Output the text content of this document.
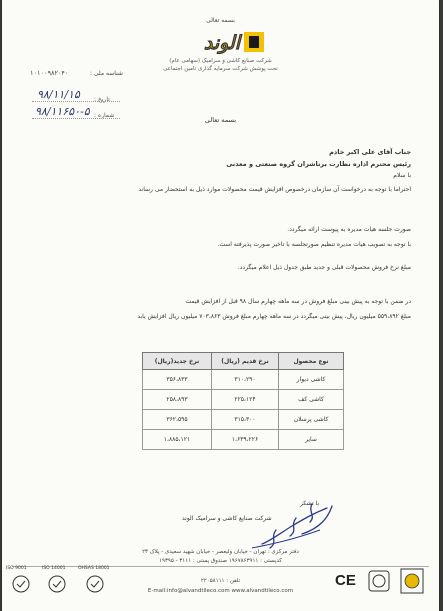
بسمه تعالی
الوند
شرکت صنایع کاشی و سرامیک (سهامی عام)
تحت پوشش شرکت سرمایه گذاری تامین اجتماعی
شناسه ملی :
۱۰۱۰۰۹۸۲۰۴۰
تاریخ :
۹۸/۱۱/۱۵
شماره :
۹۸/۱۱۶۵۰-۵
بسمه تعالی
جناب آقای علی اکبر خادم
رئیس محترم اداره نظارت برناشران گروه صنعتی و معدنی
با سلام
احتراما با توجه به درخواست آن سازمان درخصوص افزایش قیمت محصولات موارد ذیل به استحضار می رساند
صورت جلسه هیات مدیره به پیوست ارائه میگردد.
با توجه به تصویب هیات مدیره تنظیم صورتجلسه با تاخیر صورت پذیرفته است.
مبلغ نرخ فروش محصولات قبلی و جدید طبق جدول ذیل اعلام میگردد.
در ضمن با توجه به پیش بینی مبلغ فروش در سه ماهه چهارم سال ۹۸ قبل از افزایش قیمت
مبلغ ۵۵۹،۸۹۲ میلیون ریال، پیش بینی میگردد در سه ماهه چهارم مبلغ فروش ۷۰۳،۸۶۳ میلیون ریال افزایش یابد
نوع محصول	نرخ قدیم (ریال)	نرخ جدید(ریال)
کاشی دیوار	۳۱۰،۲۹۰	۳۵۶،۸۳۳
کاشی کف	۲۲۵،۱۲۴	۲۵۸،۸۹۳
کاشی پرسلان	۳۱۵،۳۰۰	۳۶۲،۵۹۵
سایر	۱،۶۳۹،۲۲۶	۱،۸۸۵،۱۲۱
با تشکر
شرکت صنایع کاشی و سرامیک الوند
دفتر مرکزی : تهران - خیابان ولیعصر - خیابان شهید سعیدی - پلاک ۲۳
کدپستی : ۱۹۶۷۸۶۳۹۱۱ صندوق پستی : ۳۱۱۱ - ۱۹۳۹۵
تلفن : ۲۲۰۵۸۱۱۱
E-mail:info@alvandtileco.com www.alvandtileco.com
ISO 9001	ISO 14001	OHSAS 18001
CE
